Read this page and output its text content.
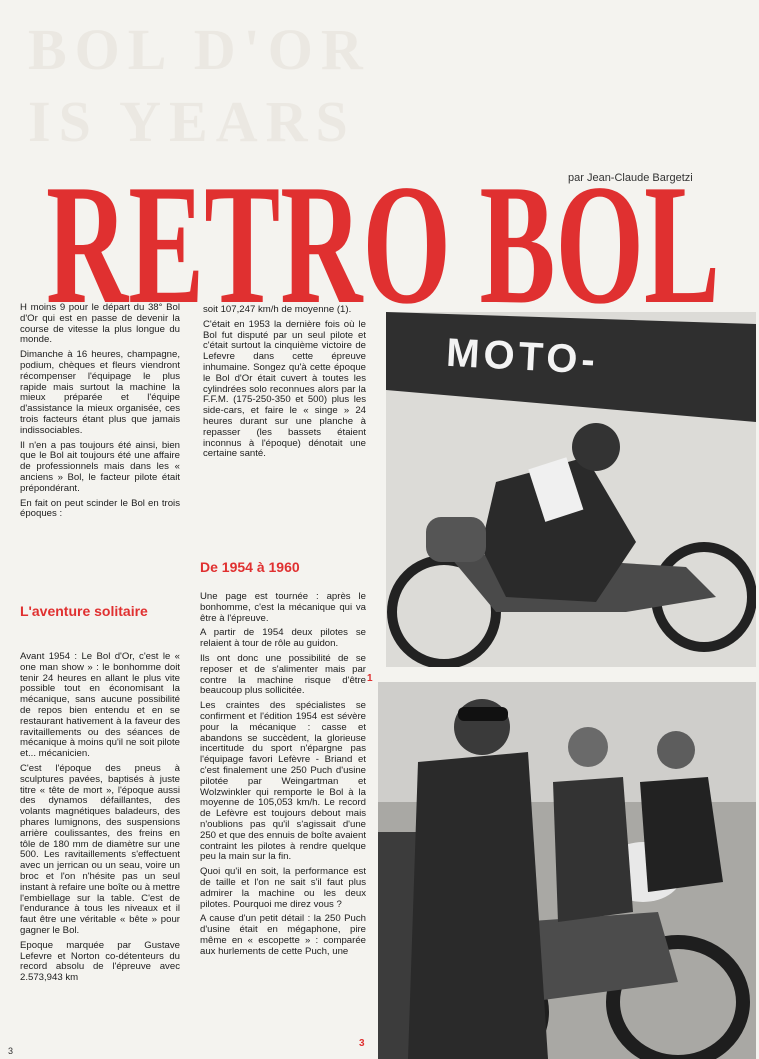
BOL D'OR
IS YEARS
par Jean-Claude Bargetzi
RETRO BOL

H moins 9 pour le départ du 38° Bol d'Or qui est en passe de devenir la course de vitesse la plus longue du monde.

Dimanche à 16 heures, champagne, podium, chèques et fleurs viendront récompenser l'équipage le plus rapide mais surtout la machine la mieux préparée et l'équipe d'assistance la mieux organisée, ces trois facteurs étant plus que jamais indissociables.

Il n'en a pas toujours été ainsi, bien que le Bol ait toujours été une affaire de professionnels mais dans les « anciens » Bol, le facteur pilote était prépondérant.

En fait on peut scinder le Bol en trois époques :

L'aventure solitaire

Avant 1954 : Le Bol d'Or, c'est le « one man show » : le bonhomme doit tenir 24 heures en allant le plus vite possible tout en économisant la mécanique, sans aucune possibilité de repos bien entendu et en se restaurant hativement à la faveur des ravitaillements ou des séances de mécanique à moins qu'il ne soit pilote et... mécanicien.

C'est l'époque des pneus à sculptures pavées, baptisés à juste titre « tête de mort », l'époque aussi des dynamos défaillantes, des volants magnétiques baladeurs, des phares lumignons, des suspensions arrière coulissantes, des freins en tôle de 180 mm de diamètre sur une 500. Les ravitaillements s'effectuent avec un jerrican ou un seau, voire un broc et l'on n'hésite pas un seul instant à refaire une boîte ou à mettre l'embiellage sur la table. C'est de l'endurance à tous les niveaux et il faut être une véritable « bête » pour gagner le Bol.

Epoque marquée par Gustave Lefevre et Norton co-détenteurs du record absolu de l'épreuve avec 2.573,943 km

soit 107,247 km/h de moyenne (1).

C'était en 1953 la dernière fois où le Bol fut disputé par un seul pilote et c'était surtout la cinquième victoire de Lefevre dans cette épreuve inhumaine. Songez qu'à cette époque le Bol d'Or était cuvert à toutes les cylindrées solo reconnues alors par la F.F.M. (175-250-350 et 500) plus les side-cars, et faire le « singe » 24 heures durant sur une planche à repasser (les bassets étaient inconnus à l'époque) dénotait une certaine santé.

De 1954 à 1960

Une page est tournée : après le bonhomme, c'est la mécanique qui va être à l'épreuve.

A partir de 1954 deux pilotes se relaient à tour de rôle au guidon.

Ils ont donc une possibilité de se reposer et de s'alimenter mais par contre la machine risque d'être beaucoup plus sollicitée.

Les craintes des spécialistes se confirment et l'édition 1954 est sévère pour la mécanique : casse et abandons se succèdent, la glorieuse incertitude du sport n'épargne pas l'équipage favori Lefèvre - Briand et c'est finalement une 250 Puch d'usine pilotée par Weingartman et Wolzwinkler qui remporte le Bol à la moyenne de 105,053 km/h. Le record de Lefèvre est toujours debout mais n'oublions pas qu'il s'agissait d'une 250 et que des ennuis de boîte avaient contraint les pilotes à rendre quelque peu la main sur la fin.

Quoi qu'il en soit, la performance est de taille et l'on ne sait s'il faut plus admirer la machine ou les deux pilotes. Pourquoi me direz vous ?

A cause d'un petit détail : la 250 Puch d'usine était en mégaphone, pire même en « escopette » : comparée aux hurlements de cette Puch, une

MOTO-
1
3
3
